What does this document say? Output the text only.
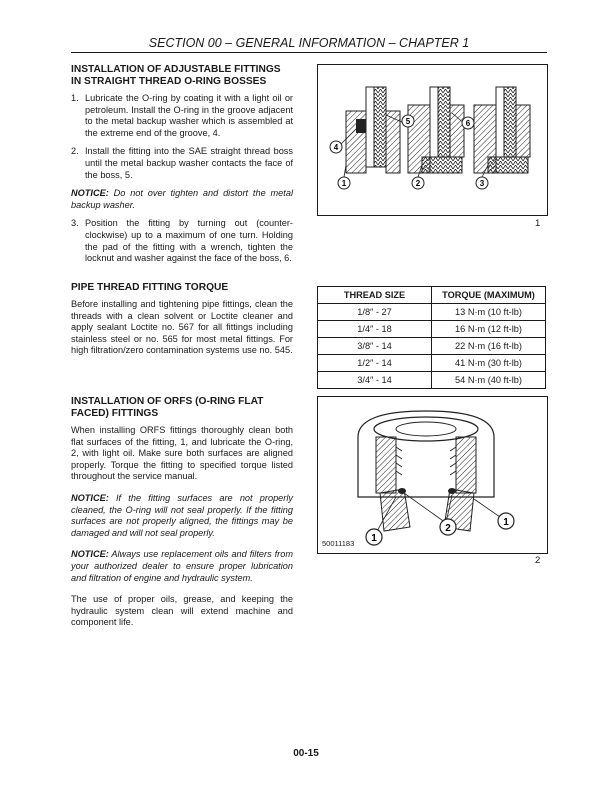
SECTION 00 – GENERAL INFORMATION – CHAPTER 1
INSTALLATION OF ADJUSTABLE FITTINGS IN STRAIGHT THREAD O-RING BOSSES
1. Lubricate the O-ring by coating it with a light oil or petroleum. Install the O-ring in the groove adjacent to the metal backup washer which is assembled at the extreme end of the groove, 4.
2. Install the fitting into the SAE straight thread boss until the metal backup washer contacts the face of the boss, 5.

NOTICE: Do not over tighten and distort the metal backup washer.

3. Position the fitting by turning out (counter-clockwise) up to a maximum of one turn. Holding the pad of the fitting with a wrench, tighten the locknut and washer against the face of the boss, 6.
PIPE THREAD FITTING TORQUE

Before installing and tightening pipe fittings, clean the threads with a clean solvent or Loctite cleaner and apply sealant Loctite no. 567 for all fittings including stainless steel or no. 565 for most metal fittings. For high filtration/zero contamination systems use no. 545.

INSTALLATION OF ORFS (O-RING FLAT FACED) FITTINGS

When installing ORFS fittings thoroughly clean both flat surfaces of the fitting, 1, and lubricate the O-ring, 2, with light oil. Make sure both surfaces are aligned properly. Torque the fitting to specified torque listed throughout the service manual.

NOTICE: If the fitting surfaces are not properly cleaned, the O-ring will not seal properly. If the fitting surfaces are not properly aligned, the fittings may be damaged and will not seal properly.

NOTICE: Always use replacement oils and filters from your authorized dealer to ensure proper lubrication and filtration of engine and hydraulic system.

The use of proper oils, grease, and keeping the hydraulic system clean will extend machine and component life.

4
5	6
1	2	3
1
THREAD SIZE	TORQUE (MAXIMUM)
1/8″ - 27	13 N·m (10 ft-lb)
1/4″ - 18	16 N·m (12 ft-lb)
3/8″ - 14	22 N·m (16 ft-lb)
1/2″ - 14	41 N·m (30 ft-lb)
3/4″ - 14	54 N·m (40 ft-lb)
1
2
1
50011183
2
00-15
